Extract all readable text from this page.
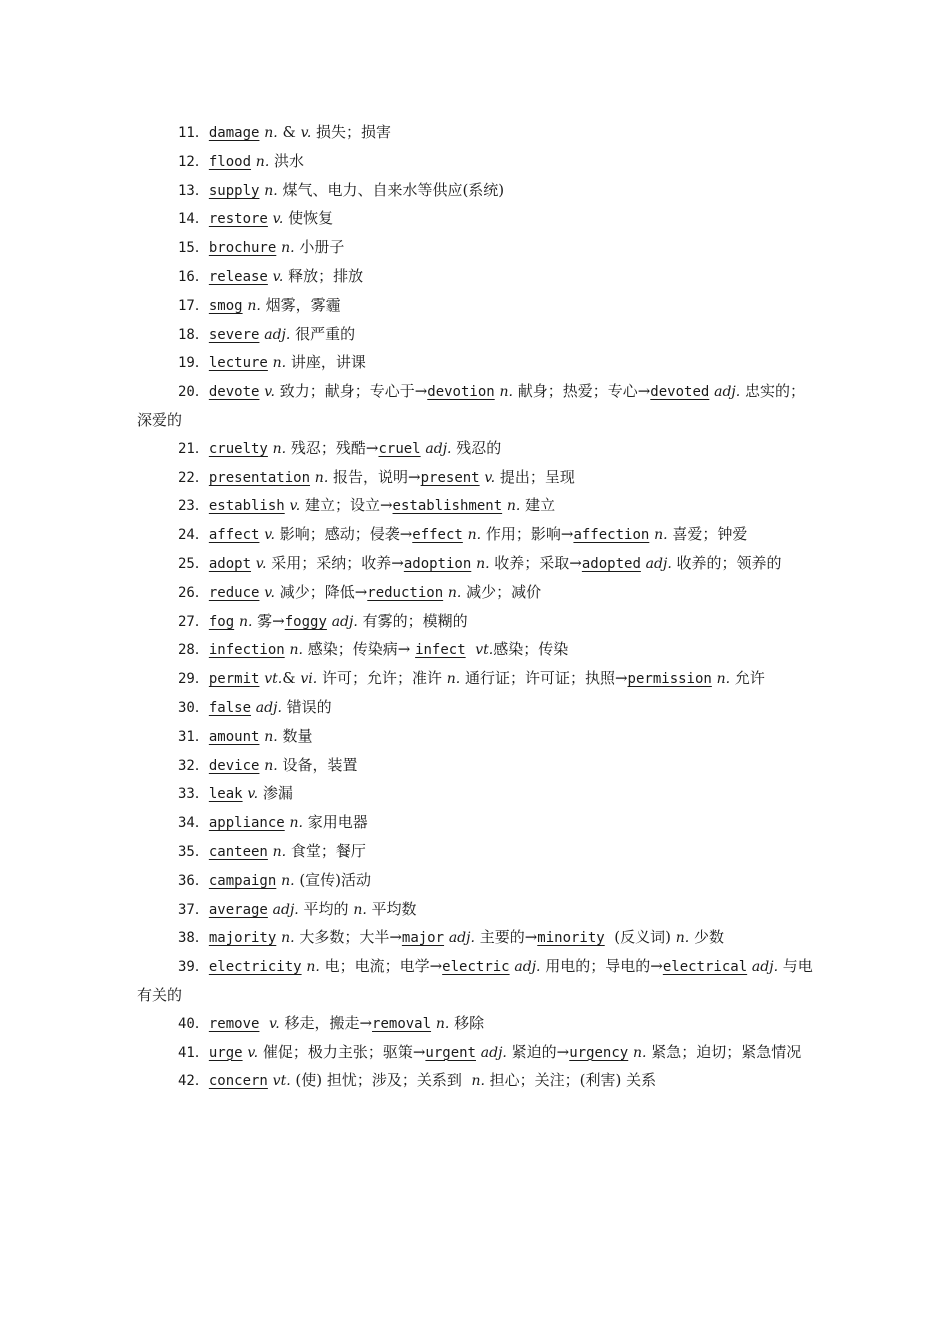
11．damage n. & v. 损失；损害
12．flood n. 洪水
13．supply n. 煤气、电力、自来水等供应(系统)
14．restore v. 使恢复
15．brochure n. 小册子
16．release v. 释放；排放
17．smog n. 烟雾，雾霾
18．severe adj. 很严重的
19．lecture n. 讲座，讲课
20．devote v. 致力；献身；专心于→devotion n. 献身；热爱；专心→devoted adj. 忠实的；深爱的
21．cruelty n. 残忍；残酷→cruel adj. 残忍的
22．presentation n. 报告，说明→present v. 提出；呈现
23．establish v. 建立；设立→establishment n. 建立
24．affect v. 影响；感动；侵袭→effect n. 作用；影响→affection n. 喜爱；钟爱
25．adopt v. 采用；采纳；收养→adoption n. 收养；采取→adopted adj. 收养的；领养的
26．reduce v. 减少；降低→reduction n. 减少；减价
27．fog n. 雾→foggy adj. 有雾的；模糊的
28．infection n. 感染；传染病→ infect vt.感染；传染
29．permit vt.& vi. 许可；允许；准许 n. 通行证；许可证；执照→permission n. 允许
30．false adj. 错误的
31．amount n. 数量
32．device n. 设备，装置
33．leak v. 渗漏
34．appliance n. 家用电器
35．canteen n. 食堂；餐厅
36．campaign n. (宣传)活动
37．average adj. 平均的 n. 平均数
38．majority n. 大多数；大半→major adj. 主要的→minority  (反义词) n. 少数
39．electricity n. 电；电流；电学→electric adj. 用电的；导电的→electrical adj. 与电有关的
40．remove v. 移走，搬走→removal n. 移除
41．urge v. 催促；极力主张；驱策→urgent adj. 紧迫的→urgency n. 紧急；迫切；紧急情况
42．concern vt. (使) 担忧；涉及；关系到  n. 担心；关注；(利害) 关系
